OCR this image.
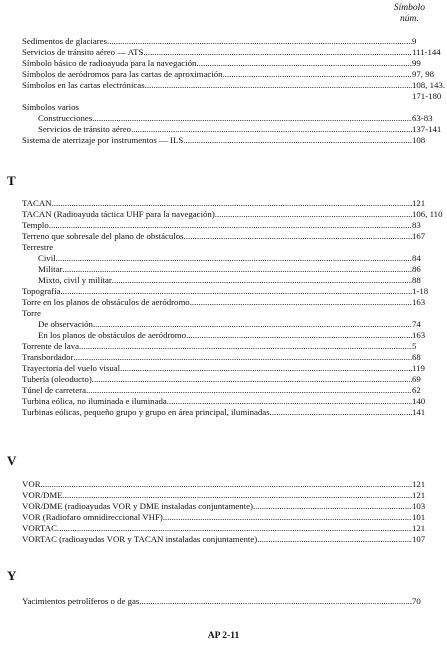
Símbolo
núm.
Sedimentos de glaciares .....	9
Servicios de tránsito aéreo — ATS .....	111-144
Símbolo básico de radioayuda para la navegación .....	99
Símbolos de aeródromos para las cartas de aproximación .....	97, 98
Símbolos en las cartas electrónicas .....	108, 143.
171-180
Símbolos varios
Construcciones .....	63-83
Servicios de tránsito aéreo .....	137-141
Sistema de aterrizaje por instrumentos — ILS .....	108
T
TACAN .....	121
TACAN (Radioayuda táctica UHF para la navegación) .....	106, 110
Templo .....	83
Terreno que sobresale del plano de obstáculos .....	167
Terrestre
Civil .....	84
Militar .....	86
Mixto, civil y militar .....	88
Topografía .....	1-18
Torre en los planos de obstáculos de aeródromo .....	163
Torre
De observación .....	74
En los planos de obstáculos de aeródromo .....	163
Torrente de lava .....	5
Transbordador .....	68
Trayectoria del vuelo visual .....	119
Tubería (oleoducto) .....	69
Túnel de carretera .....	62
Turbina eólica, no iluminada e iluminada .....	140
Turbinas eólicas, pequeño grupo y grupo en área principal, iluminadas .....	141
V
VOR .....	121
VOR/DME .....	121
VOR/DME (radioayudas VOR y DME instaladas conjuntamente) .....	103
VOR (Radiofaro omnidireccional VHF) .....	101
VORTAC .....	121
VORTAC (radioayudas VOR y TACAN instaladas conjuntamente) .....	107
Y
Yacimientos petrolíferos o de gas .....	70
AP 2-11
